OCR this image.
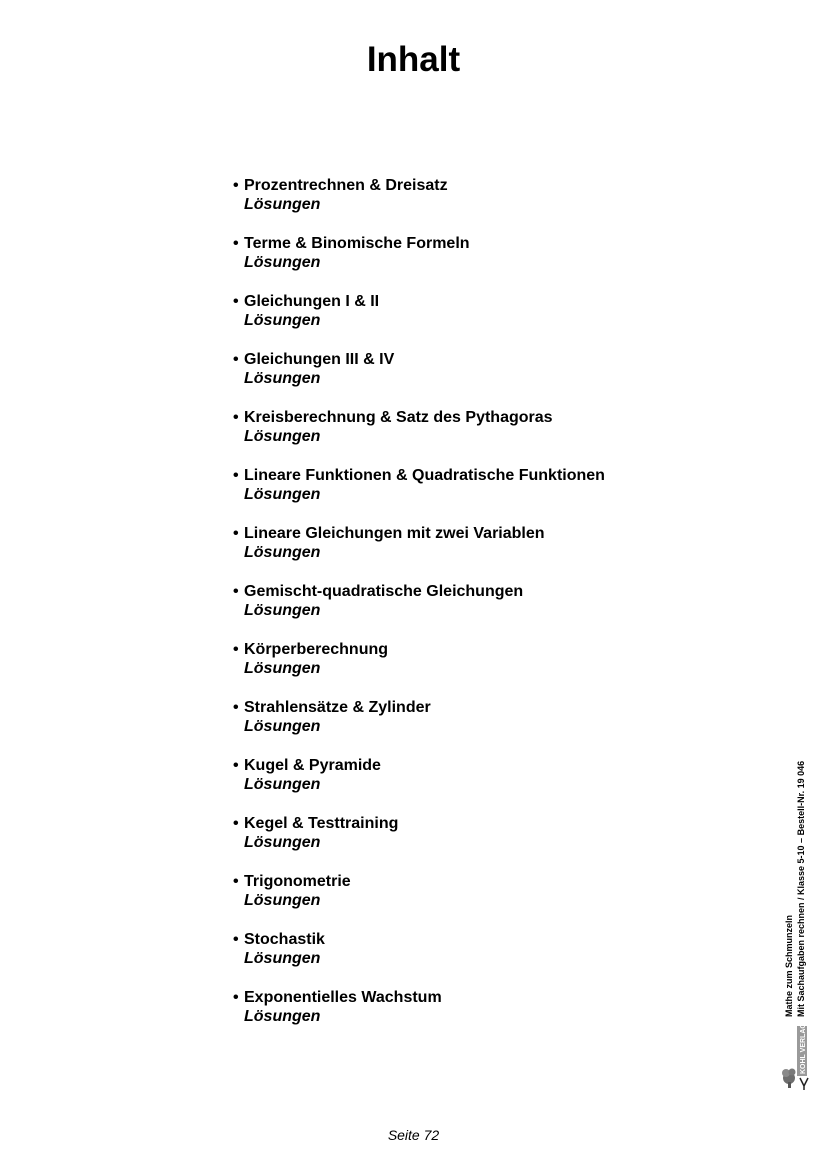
Inhalt
• Prozentrechnen & Dreisatz
Lösungen
• Terme & Binomische Formeln
Lösungen
• Gleichungen I & II
Lösungen
• Gleichungen III & IV
Lösungen
• Kreisberechnung & Satz des Pythagoras
Lösungen
• Lineare Funktionen & Quadratische Funktionen
Lösungen
• Lineare Gleichungen mit zwei Variablen
Lösungen
• Gemischt-quadratische Gleichungen
Lösungen
• Körperberechnung
Lösungen
• Strahlensätze & Zylinder
Lösungen
• Kugel & Pyramide
Lösungen
• Kegel & Testtraining
Lösungen
• Trigonometrie
Lösungen
• Stochastik
Lösungen
• Exponentielles Wachstum
Lösungen	Mathe zum Schmunzeln Mit Sachaufgaben rechnen / Klasse 5-10 – Bestell-Nr. 19 046
KOHL VERLAG
Seite 72
